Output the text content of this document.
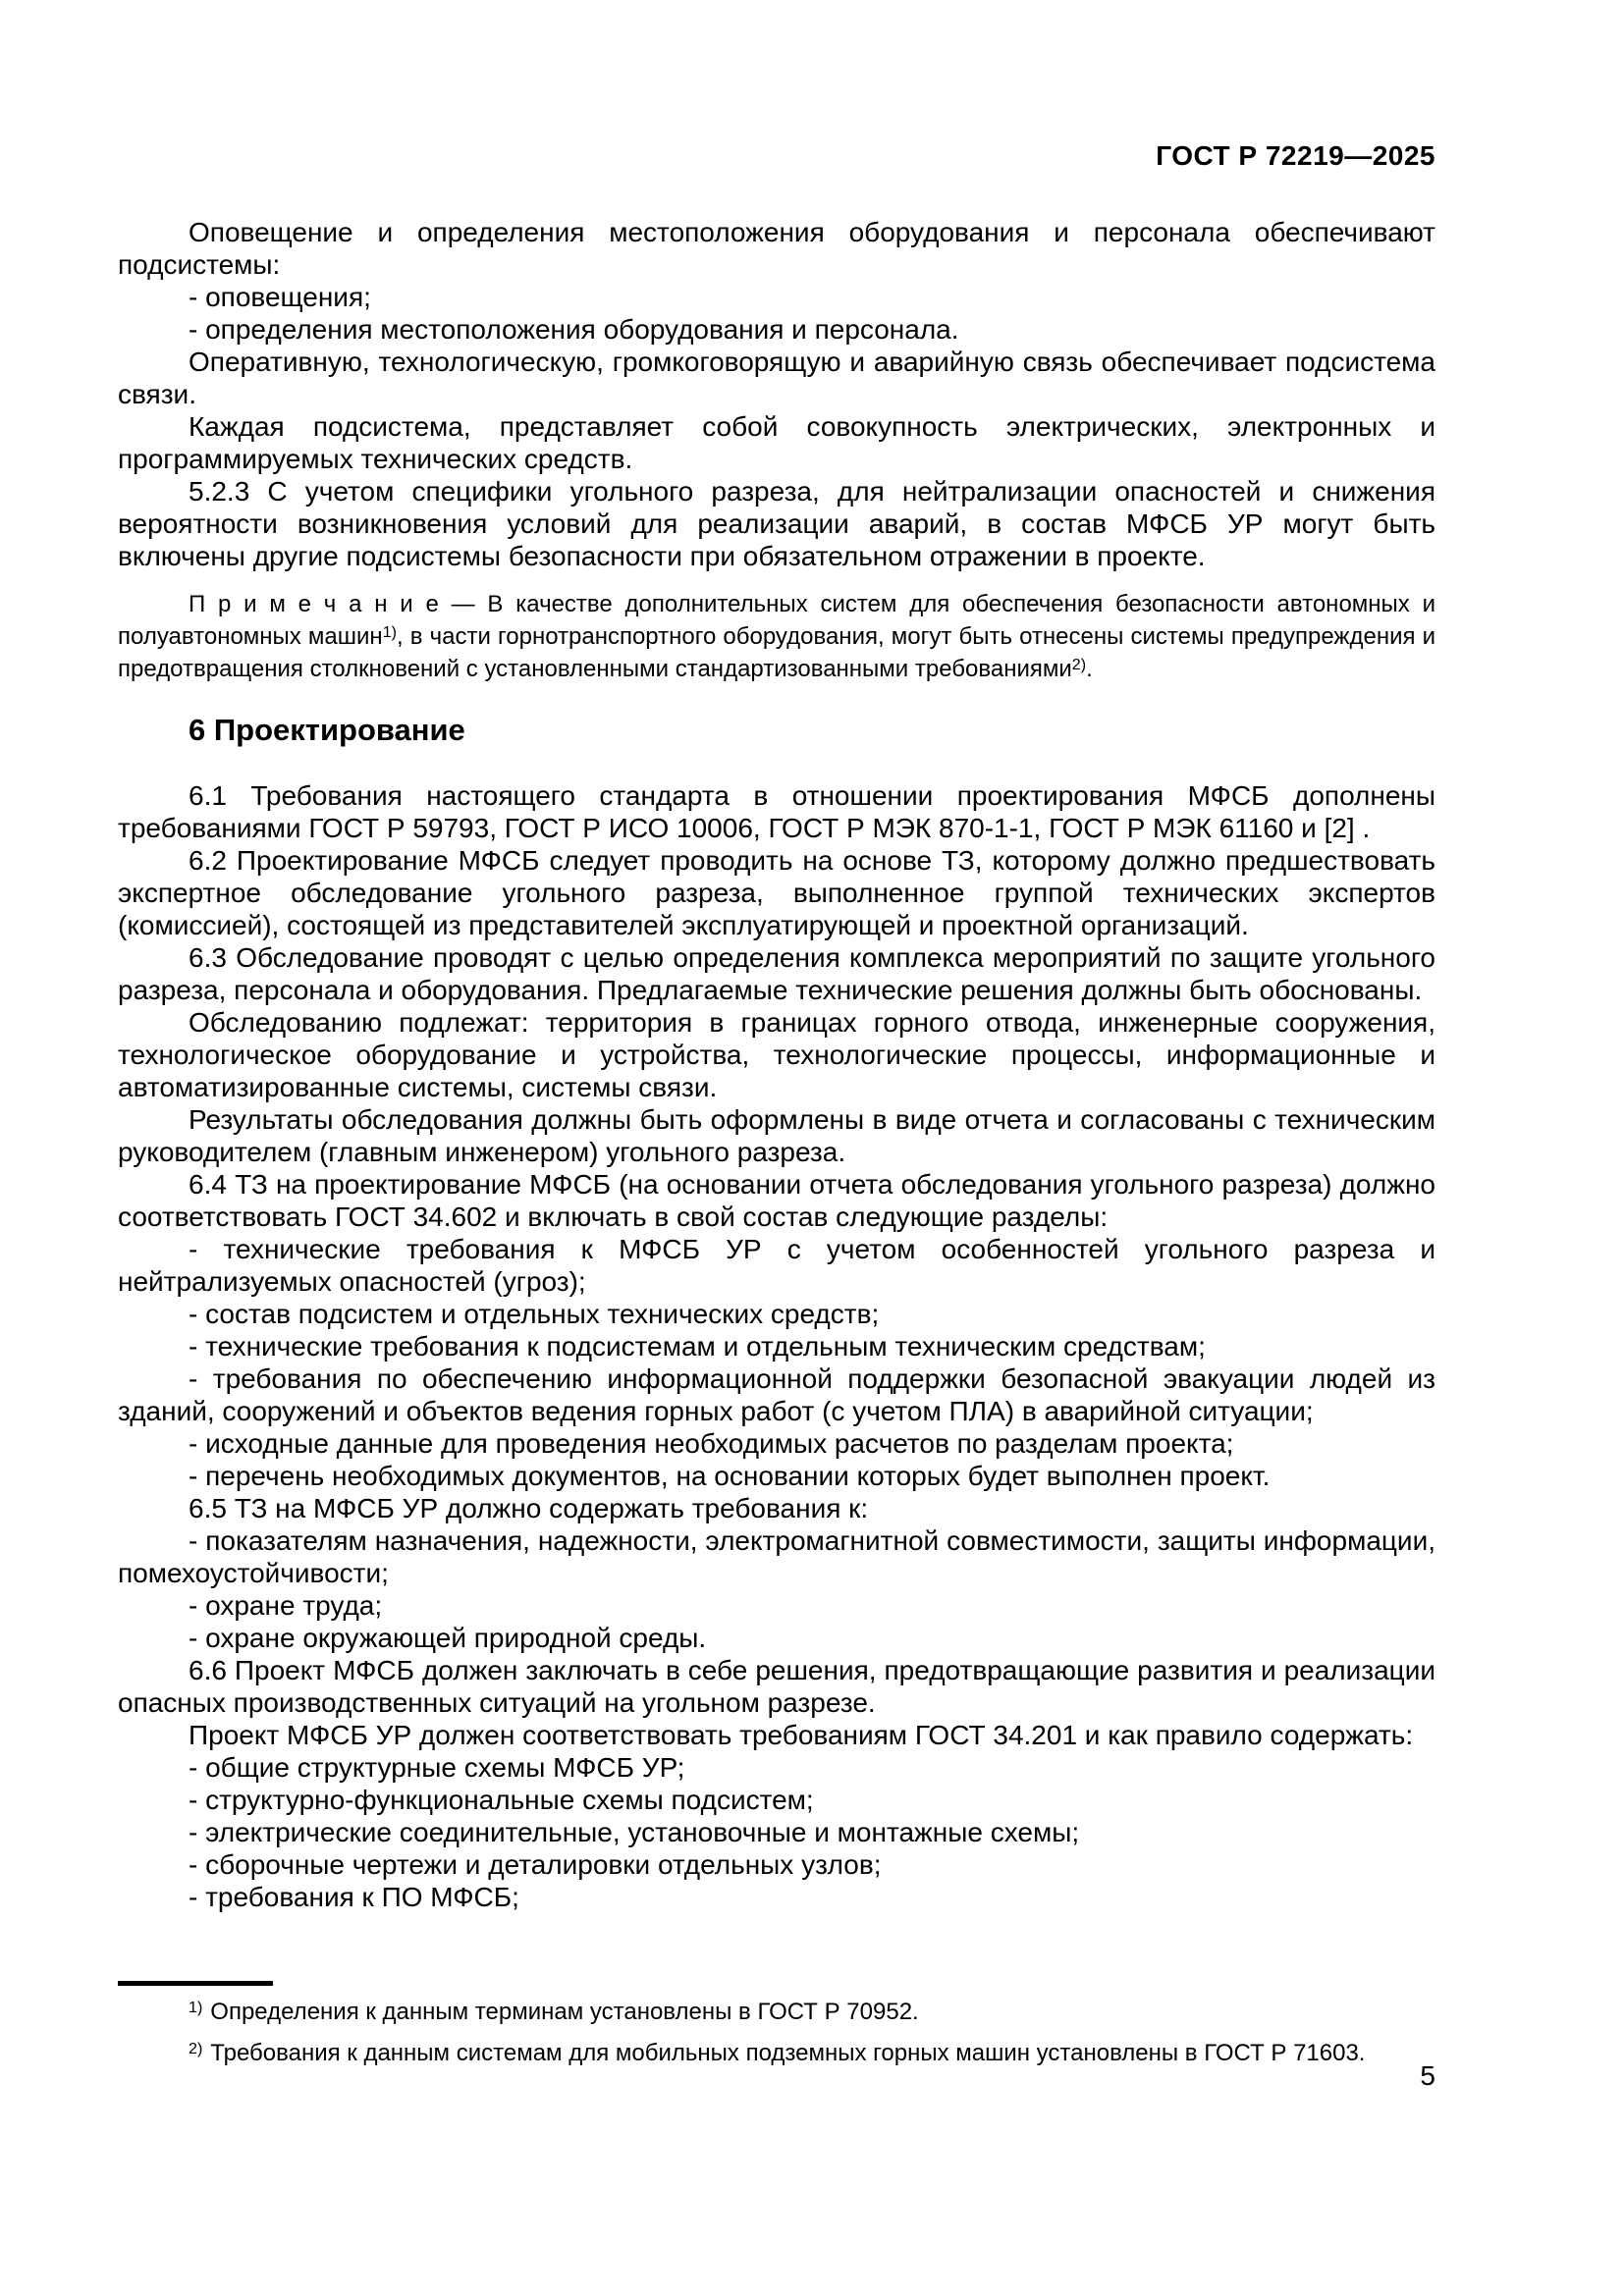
ГОСТ Р 72219—2025

Оповещение и определения местоположения оборудования и персонала обеспечивают подсистемы:

- оповещения;

- определения местоположения оборудования и персонала.

Оперативную, технологическую, громкоговорящую и аварийную связь обеспечивает подсистема связи.

Каждая подсистема, представляет собой совокупность электрических, электронных и программируемых технических средств.

5.2.3 С учетом специфики угольного разреза, для нейтрализации опасностей и снижения вероятности возникновения условий для реализации аварий, в состав МФСБ УР могут быть включены другие подсистемы безопасности при обязательном отражении в проекте.

П р и м е ч а н и е — В качестве дополнительных систем для обеспечения безопасности автономных и полуавтономных машин$^{1)}$, в части горнотранспортного оборудования, могут быть отнесены системы предупреждения и предотвращения столкновений с установленными стандартизованными требованиями$^{2)}$.

6 Проектирование

6.1 Требования настоящего стандарта в отношении проектирования МФСБ дополнены требованиями ГОСТ Р 59793, ГОСТ Р ИСО 10006, ГОСТ Р МЭК 870-1-1, ГОСТ Р МЭК 61160 и [2] .

6.2 Проектирование МФСБ следует проводить на основе ТЗ, которому должно предшествовать экспертное обследование угольного разреза, выполненное группой технических экспертов (комиссией), состоящей из представителей эксплуатирующей и проектной организаций.

6.3 Обследование проводят с целью определения комплекса мероприятий по защите угольного разреза, персонала и оборудования. Предлагаемые технические решения должны быть обоснованы.

Обследованию подлежат: территория в границах горного отвода, инженерные сооружения, технологическое оборудование и устройства, технологические процессы, информационные и автоматизированные системы, системы связи.

Результаты обследования должны быть оформлены в виде отчета и согласованы с техническим руководителем (главным инженером) угольного разреза.

6.4 ТЗ на проектирование МФСБ (на основании отчета обследования угольного разреза) должно соответствовать ГОСТ 34.602 и включать в свой состав следующие разделы:

- технические требования к МФСБ УР с учетом особенностей угольного разреза и нейтрализуемых опасностей (угроз);

- состав подсистем и отдельных технических средств;

- технические требования к подсистемам и отдельным техническим средствам;

- требования по обеспечению информационной поддержки безопасной эвакуации людей из зданий, сооружений и объектов ведения горных работ (с учетом ПЛА) в аварийной ситуации;

- исходные данные для проведения необходимых расчетов по разделам проекта;

- перечень необходимых документов, на основании которых будет выполнен проект.

6.5 ТЗ на МФСБ УР должно содержать требования к:

- показателям назначения, надежности, электромагнитной совместимости, защиты информации, помехоустойчивости;

- охране труда;

- охране окружающей природной среды.

6.6 Проект МФСБ должен заключать в себе решения, предотвращающие развития и реализации опасных производственных ситуаций на угольном разрезе.

Проект МФСБ УР должен соответствовать требованиям ГОСТ 34.201 и как правило содержать:

- общие структурные схемы МФСБ УР;

- структурно-функциональные схемы подсистем;

- электрические соединительные, установочные и монтажные схемы;

- сборочные чертежи и деталировки отдельных узлов;

- требования к ПО МФСБ;

$^{1)}$ Определения к данным терминам установлены в ГОСТ Р 70952.

$^{2)}$ Требования к данным системам для мобильных подземных горных машин установлены в ГОСТ Р 71603.

5
